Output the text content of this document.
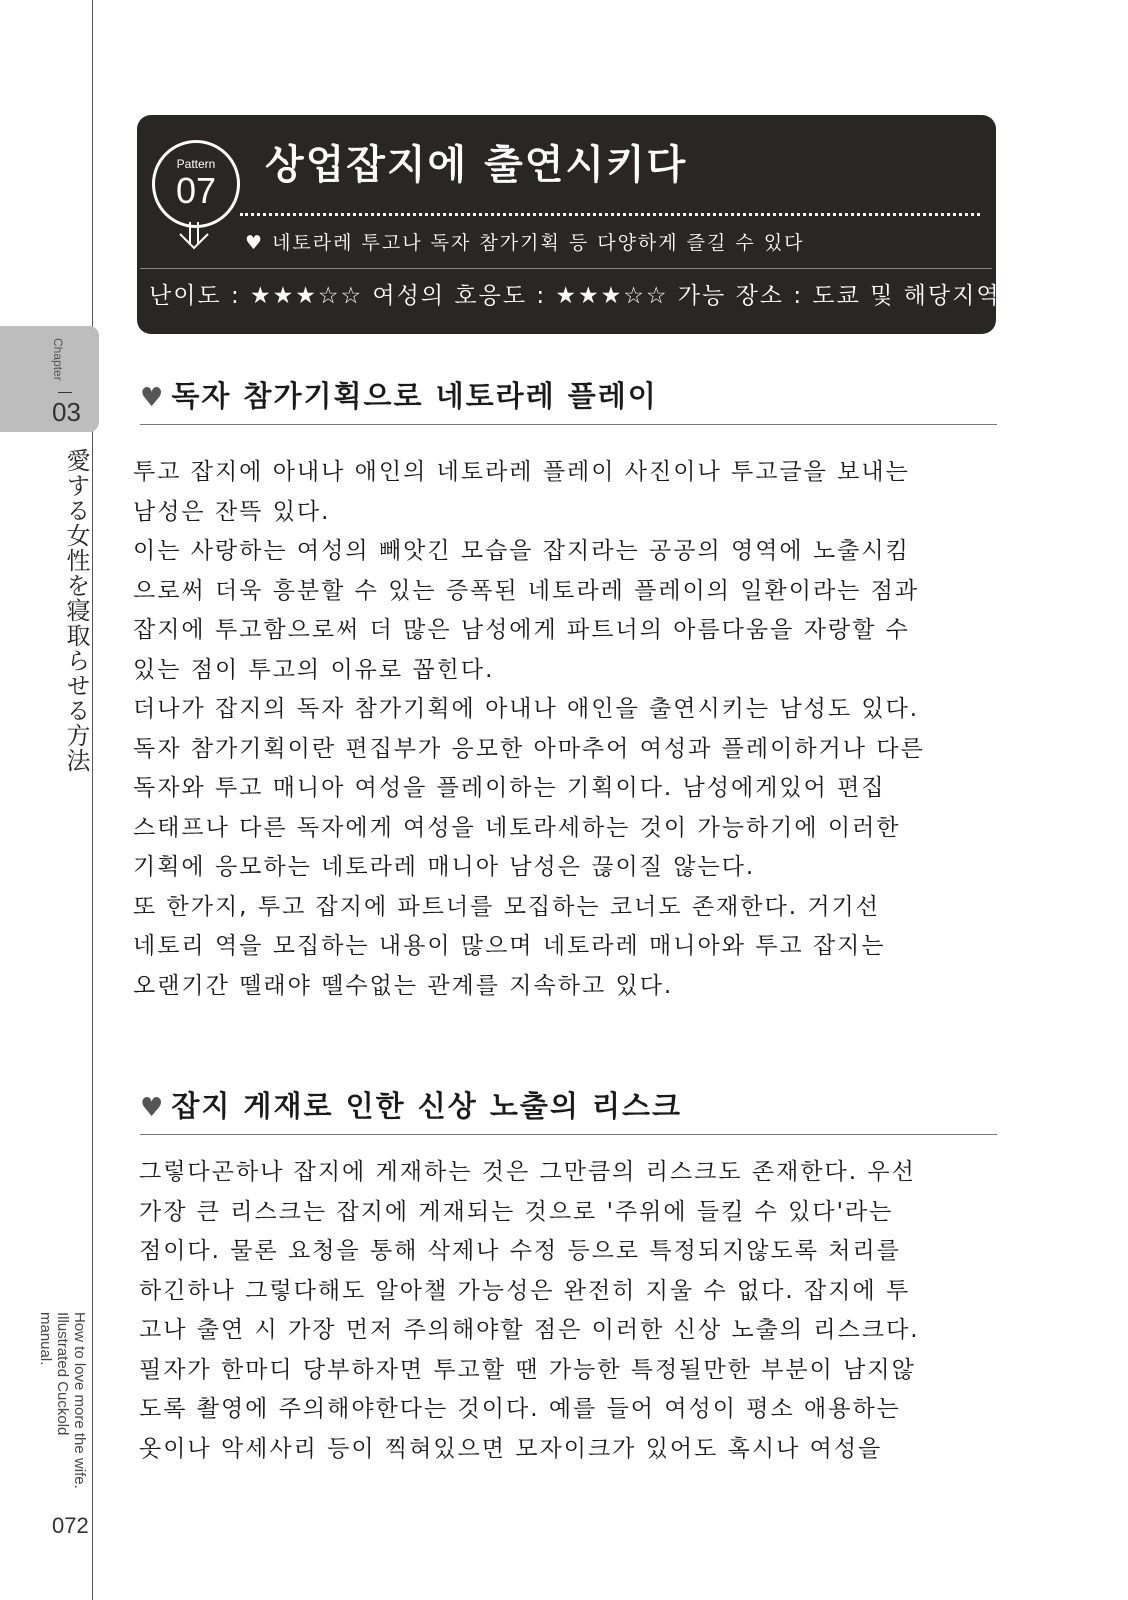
Chapter
03
愛する女性を寝取らせる方法
How to love more the wife.
Illustrated Cuckold manual.
072
Pattern
07
상업잡지에 출연시키다
♥ 네토라레 투고나 독자 참가기획 등 다양하게 즐길 수 있다
난이도 : ★★★☆☆ 여성의 호응도 : ★★★☆☆ 가능 장소 : 도쿄 및 해당지역
♥ 독자 참가기획으로 네토라레 플레이
투고 잡지에 아내나 애인의 네토라레 플레이 사진이나 투고글을 보내는
남성은 잔뜩 있다.
이는 사랑하는 여성의 빼앗긴 모습을 잡지라는 공공의 영역에 노출시킴
으로써 더욱 흥분할 수 있는 증폭된 네토라레 플레이의 일환이라는 점과
잡지에 투고함으로써 더 많은 남성에게 파트너의 아름다움을 자랑할 수
있는 점이 투고의 이유로 꼽힌다.
더나가 잡지의 독자 참가기획에 아내나 애인을 출연시키는 남성도 있다.
독자 참가기획이란 편집부가 응모한 아마추어 여성과 플레이하거나 다른
독자와 투고 매니아 여성을 플레이하는 기획이다. 남성에게있어 편집
스태프나 다른 독자에게 여성을 네토라세하는 것이 가능하기에 이러한
기획에 응모하는 네토라레 매니아 남성은 끊이질 않는다.
또 한가지, 투고 잡지에 파트너를 모집하는 코너도 존재한다. 거기선
네토리 역을 모집하는 내용이 많으며 네토라레 매니아와 투고 잡지는
오랜기간 뗄래야 뗄수없는 관계를 지속하고 있다.
♥ 잡지 게재로 인한 신상 노출의 리스크
그렇다곤하나 잡지에 게재하는 것은 그만큼의 리스크도 존재한다. 우선
가장 큰 리스크는 잡지에 게재되는 것으로 '주위에 들킬 수 있다'라는
점이다. 물론 요청을 통해 삭제나 수정 등으로 특정되지않도록 처리를
하긴하나 그렇다해도 알아챌 가능성은 완전히 지울 수 없다. 잡지에 투
고나 출연 시 가장 먼저 주의해야할 점은 이러한 신상 노출의 리스크다.
필자가 한마디 당부하자면 투고할 땐 가능한 특정될만한 부분이 남지않
도록 촬영에 주의해야한다는 것이다. 예를 들어 여성이 평소 애용하는
옷이나 악세사리 등이 찍혀있으면 모자이크가 있어도 혹시나 여성을
